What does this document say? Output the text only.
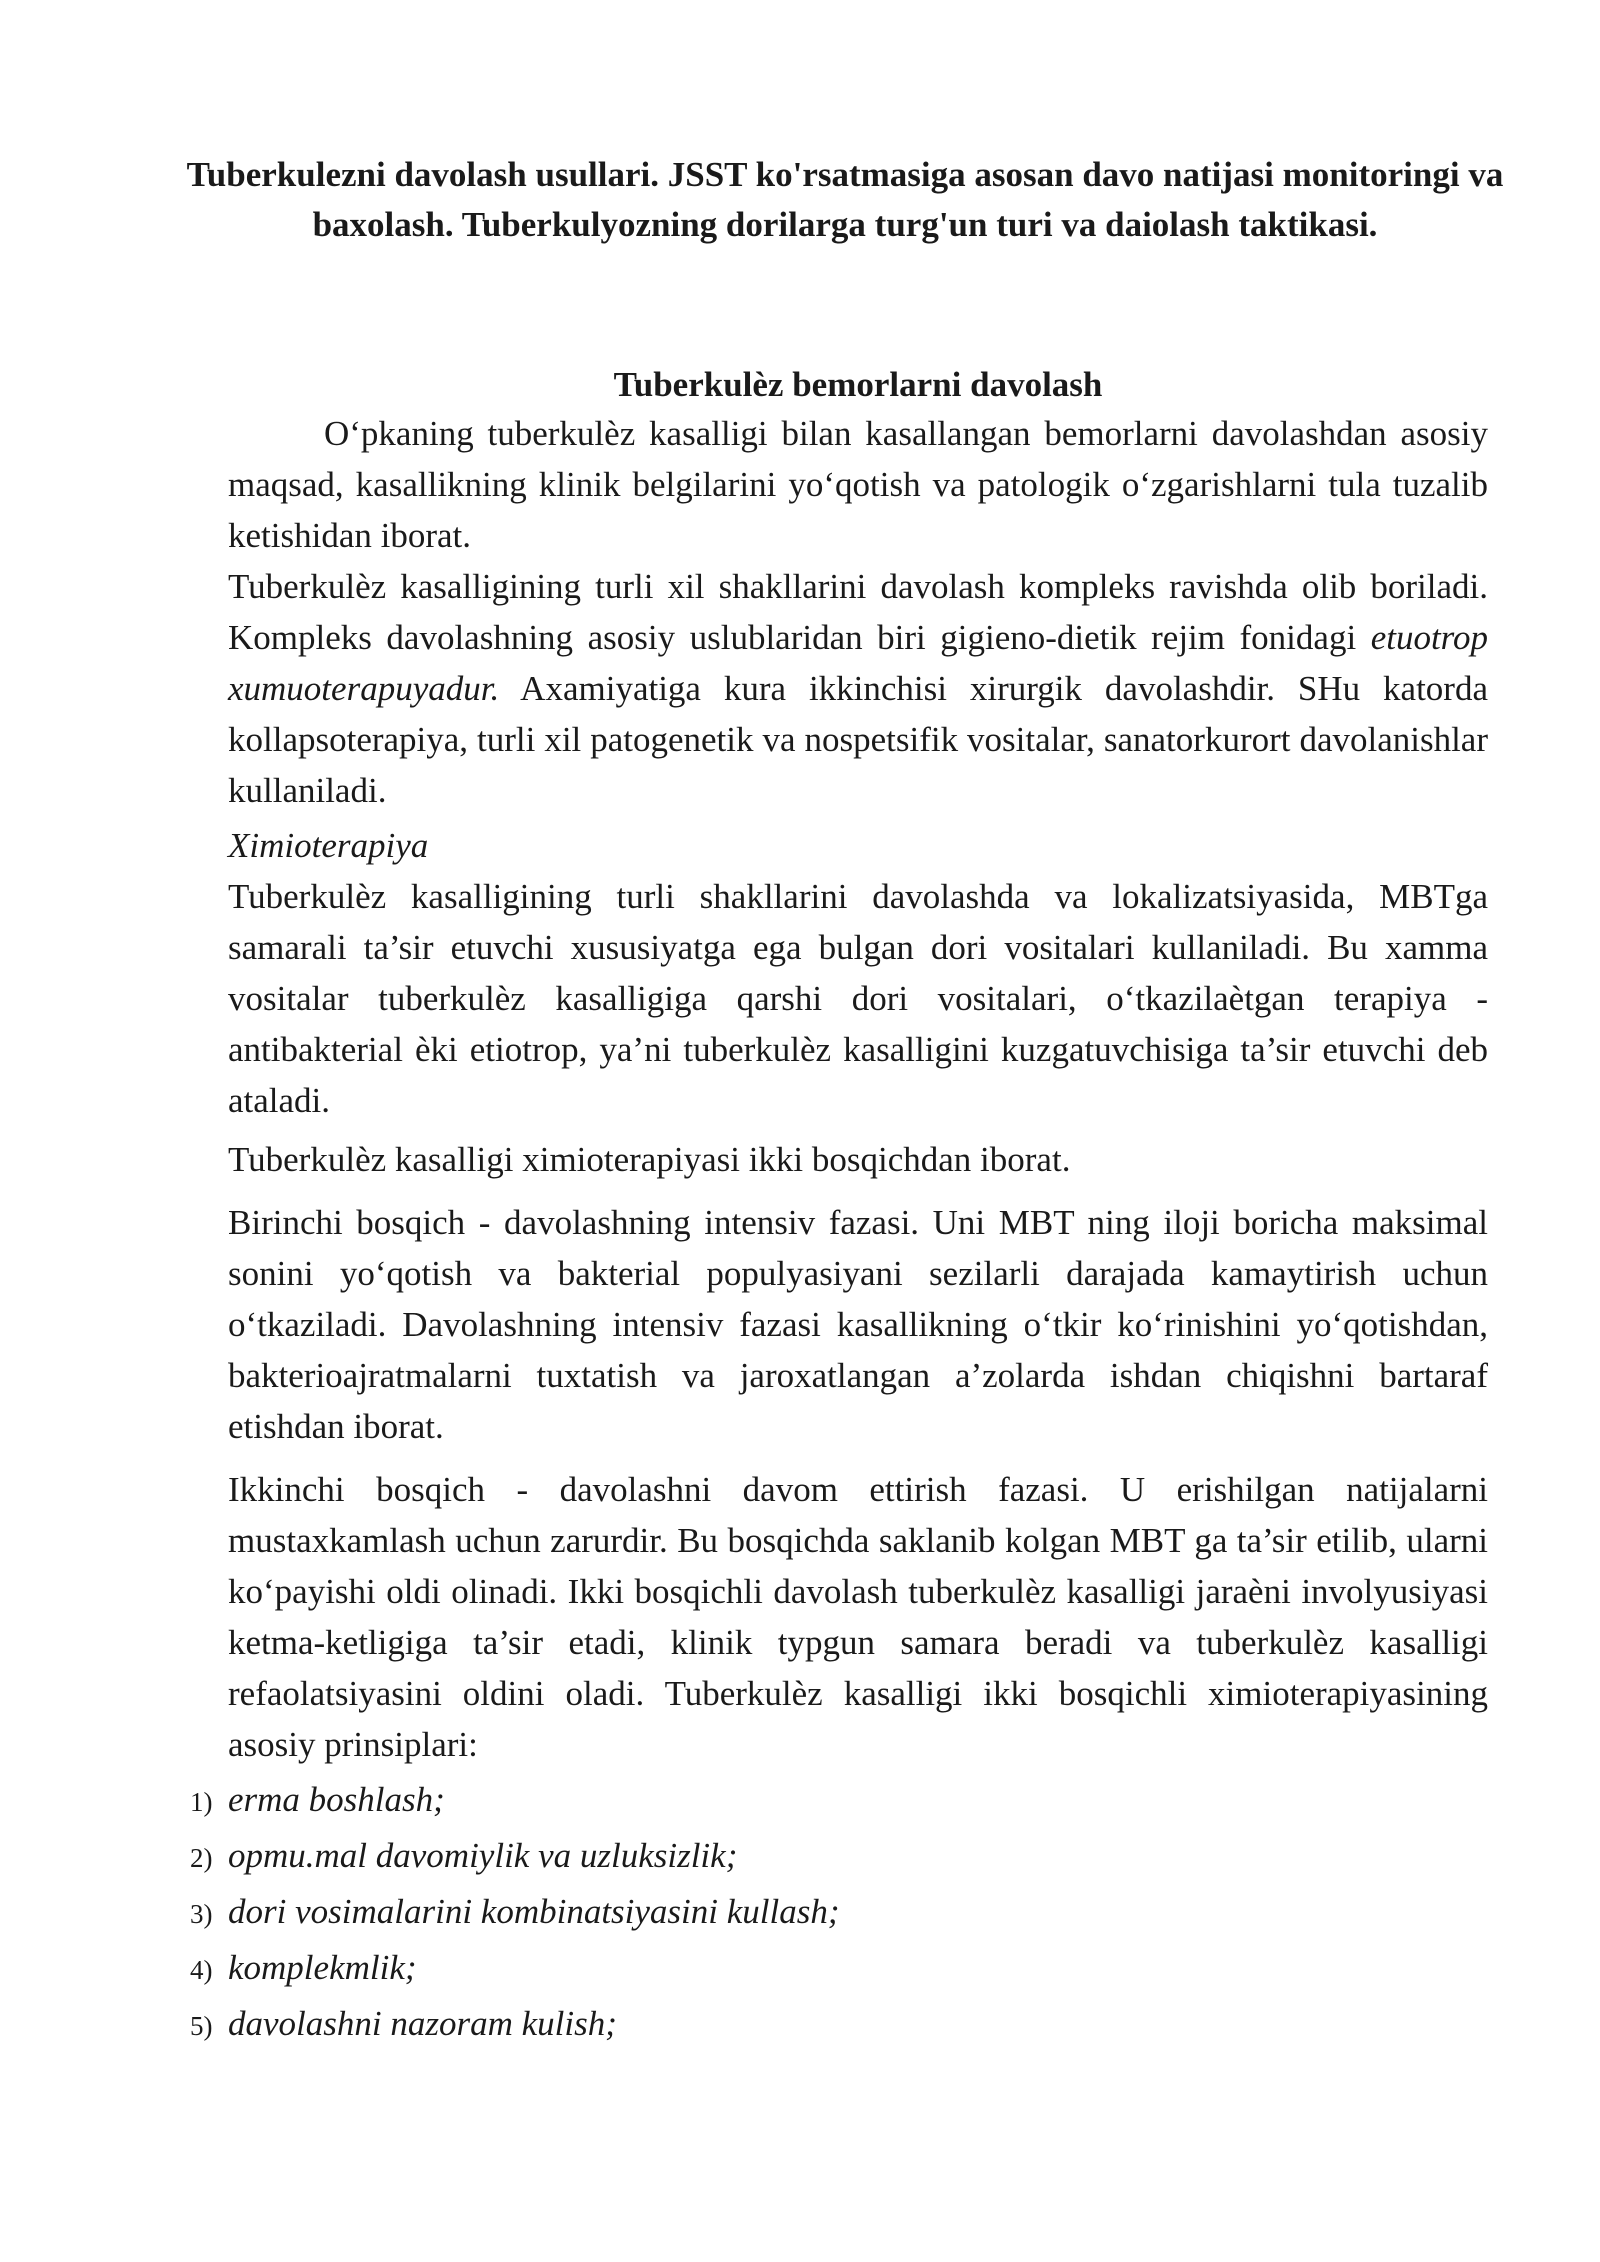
Tuberkulezni davolash usullari. JSST ko'rsatmasiga asosan davo natijasi monitoringi va baxolash. Tuberkulyozning dorilarga turg'un turi va daiolash taktikasi.
Tuberkulèz bemorlarni davolash

O‘pkaning tuberkulèz kasalligi bilan kasallangan bemorlarni davolashdan asosiy maqsad, kasallikning klinik belgilarini yo‘qotish va patologik o‘zgarishlarni tula tuzalib ketishidan iborat.

Tuberkulèz kasalligining turli xil shakllarini davolash kompleks ravishda olib boriladi. Kompleks davolashning asosiy uslublaridan biri gigieno-dietik rejim fonidagi etuotrop xumuoterapuyadur. Axamiyatiga kura ikkinchisi xirurgik davolashdir. SHu katorda kollapsoterapiya, turli xil patogenetik va nospetsifik vositalar, sanatorkurort davolanishlar kullaniladi.

Ximioterapiya

Tuberkulèz kasalligining turli shakllarini davolashda va lokalizatsiyasida, MBTga samarali ta’sir etuvchi xususiyatga ega bulgan dori vositalari kullaniladi. Bu xamma vositalar tuberkulèz kasalligiga qarshi dori vositalari, o‘tkazilaètgan terapiya - antibakterial èki etiotrop, ya’ni tuberkulèz kasalligini kuzgatuvchisiga ta’sir etuvchi deb ataladi.

Tuberkulèz kasalligi ximioterapiyasi ikki bosqichdan iborat.

Birinchi bosqich - davolashning intensiv fazasi. Uni MBT ning iloji boricha maksimal sonini yo‘qotish va bakterial populyasiyani sezilarli darajada kamaytirish uchun o‘tkaziladi. Davolashning intensiv fazasi kasallikning o‘tkir ko‘rinishini yo‘qotishdan, bakterioajratmalarni tuxtatish va jaroxatlangan a’zolarda ishdan chiqishni bartaraf etishdan iborat.

Ikkinchi bosqich - davolashni davom ettirish fazasi. U erishilgan natijalarni mustaxkamlash uchun zarurdir. Bu bosqichda saklanib kolgan MBT ga ta’sir etilib, ularni ko‘payishi oldi olinadi. Ikki bosqichli davolash tuberkulèz kasalligi jaraèni involyusiyasi ketma-ketligiga ta’sir etadi, klinik typgun samara beradi va tuberkulèz kasalligi refaolatsiyasini oldini oladi. Tuberkulèz kasalligi ikki bosqichli ximioterapiyasining asosiy prinsiplari:

1) erma boshlash;
2) opmu.mal davomiylik va uzluksizlik;
3) dori vosimalarini kombinatsiyasini kullash;
4) komplekmlik;
5) davolashni nazoram kulish;
